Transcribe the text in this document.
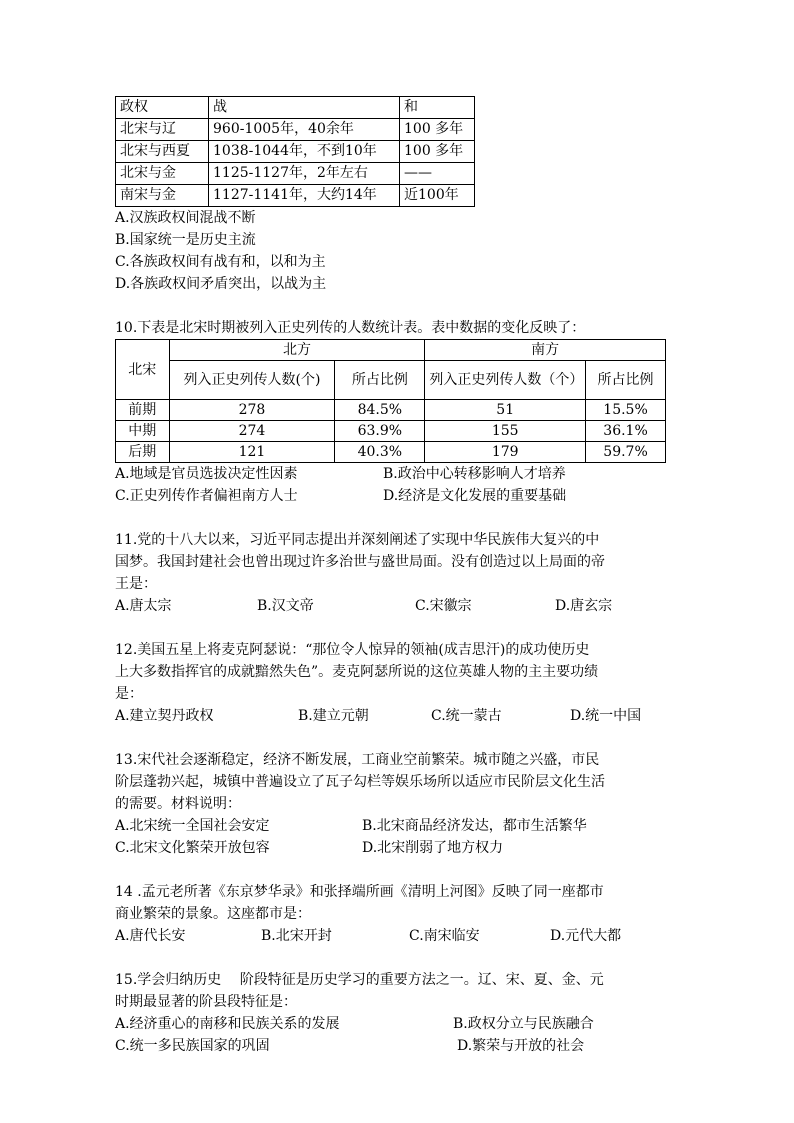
政权	战	和
北宋与辽	960-1005年，40余年	100 多年
北宋与西夏	1038-1044年，不到10年	100 多年
北宋与金	1125-1127年，2年左右	——
南宋与金	1127-1141年，大约14年	近100年
A.汉族政权间混战不断
B.国家统一是历史主流
C.各族政权间有战有和，以和为主
D.各族政权间矛盾突出，以战为主
10.下表是北宋时期被列入正史列传的人数统计表。表中数据的变化反映了：
北宋	北方		南方	
	列入正史列传人数(个)	所占比例	列入正史列传人数（个）	所占比例
前期	278	84.5%	51	15.5%
中期	274	63.9%	155	36.1%
后期	121	40.3%	179	59.7%
A.地域是官员选拔决定性因素	B.政治中心转移影响人才培养
C.正史列传作者偏袒南方人士	D.经济是文化发展的重要基础
11.党的十八大以来，习近平同志提出并深刻阐述了实现中华民族伟大复兴的中
国梦。我国封建社会也曾出现过许多治世与盛世局面。没有创造过以上局面的帝
王是：
A.唐太宗	B.汉文帝	C.宋徽宗	D.唐玄宗
12.美国五星上将麦克阿瑟说：“那位令人惊异的领袖(成吉思汗)的成功使历史
上大多数指挥官的成就黯然失色”。麦克阿瑟所说的这位英雄人物的主主要功绩
是：
A.建立契丹政权	B.建立元朝	C.统一蒙古	D.统一中国
13.宋代社会逐渐稳定，经济不断发展，工商业空前繁荣。城市随之兴盛，市民
阶层蓬勃兴起，城镇中普遍设立了瓦子勾栏等娱乐场所以适应市民阶层文化生活
的需要。材料说明：
A.北宋统一全国社会安定	B.北宋商品经济发达，都市生活繁华
C.北宋文化繁荣开放包容	D.北宋削弱了地方权力
14 .孟元老所著《东京梦华录》和张择端所画《清明上河图》反映了同一座都市
商业繁荣的景象。这座都市是：
A.唐代长安	B.北宋开封	C.南宋临安	D.元代大都
15.学会归纳历史　 阶段特征是历史学习的重要方法之一。辽、宋、夏、金、元
时期最显著的阶县段特征是：
A.经济重心的南移和民族关系的发展	B.政权分立与民族融合
C.统一多民族国家的巩固	D.繁荣与开放的社会
